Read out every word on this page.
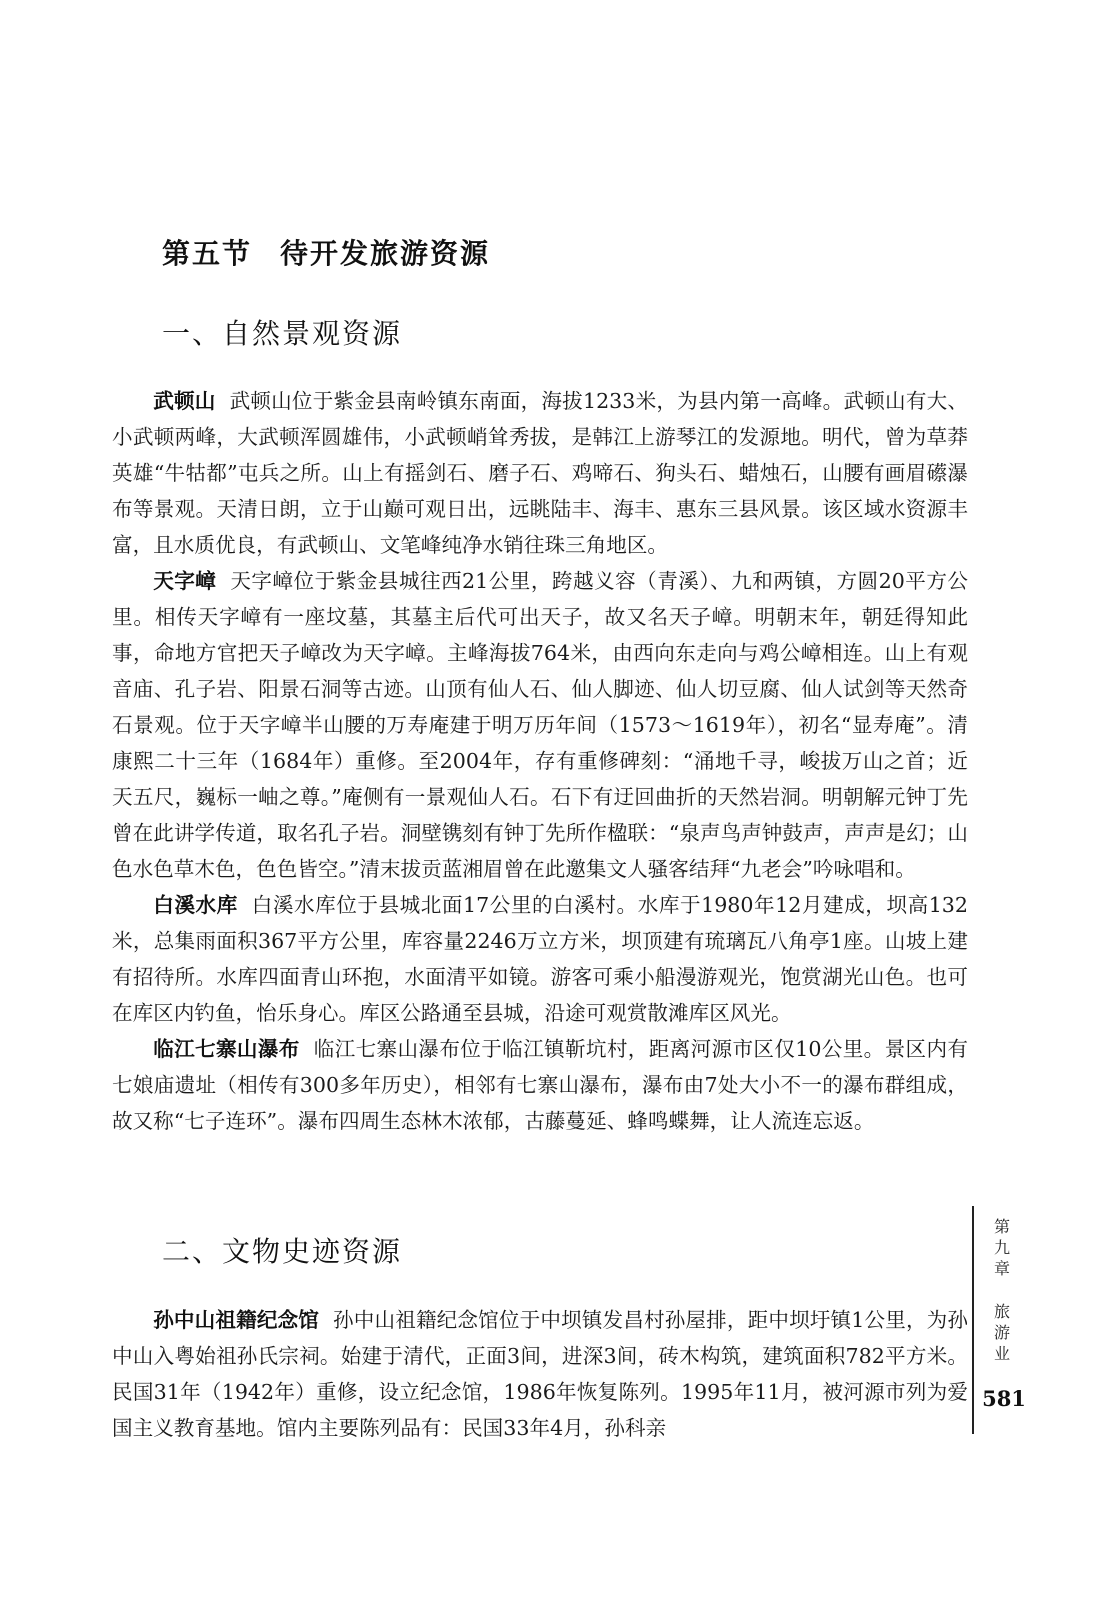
第五节 待开发旅游资源
一、自然景观资源

武顿山 武顿山位于紫金县南岭镇东南面，海拔1233米，为县内第一高峰。武顿山有大、小武顿两峰，大武顿浑圆雄伟，小武顿峭耸秀拔，是韩江上游琴江的发源地。明代，曾为草莽英雄“牛牯都”屯兵之所。山上有摇剑石、磨子石、鸡啼石、狗头石、蜡烛石，山腰有画眉礤瀑布等景观。天清日朗，立于山巅可观日出，远眺陆丰、海丰、惠东三县风景。该区域水资源丰富，且水质优良，有武顿山、文笔峰纯净水销往珠三角地区。

天字嶂 天字嶂位于紫金县城往西21公里，跨越义容（青溪）、九和两镇，方圆20平方公里。相传天字嶂有一座坟墓，其墓主后代可出天子，故又名天子嶂。明朝末年，朝廷得知此事，命地方官把天子嶂改为天字嶂。主峰海拔764米，由西向东走向与鸡公嶂相连。山上有观音庙、孔子岩、阳景石洞等古迹。山顶有仙人石、仙人脚迹、仙人切豆腐、仙人试剑等天然奇石景观。位于天字嶂半山腰的万寿庵建于明万历年间（1573～1619年），初名“显寿庵”。清康熙二十三年（1684年）重修。至2004年，存有重修碑刻：“涌地千寻，峻拔万山之首；近天五尺，巍标一岫之尊。”庵侧有一景观仙人石。石下有迂回曲折的天然岩洞。明朝解元钟丁先曾在此讲学传道，取名孔子岩。洞壁镌刻有钟丁先所作楹联：“泉声鸟声钟鼓声，声声是幻；山色水色草木色，色色皆空。”清末拔贡蓝湘眉曾在此邀集文人骚客结拜“九老会”吟咏唱和。

白溪水库 白溪水库位于县城北面17公里的白溪村。水库于1980年12月建成，坝高132米，总集雨面积367平方公里，库容量2246万立方米，坝顶建有琉璃瓦八角亭1座。山坡上建有招待所。水库四面青山环抱，水面清平如镜。游客可乘小船漫游观光，饱赏湖光山色。也可在库区内钓鱼，怡乐身心。库区公路通至县城，沿途可观赏散滩库区风光。

临江七寨山瀑布 临江七寨山瀑布位于临江镇靳坑村，距离河源市区仅10公里。景区内有七娘庙遗址（相传有300多年历史），相邻有七寨山瀑布，瀑布由7处大小不一的瀑布群组成，故又称“七子连环”。瀑布四周生态林木浓郁，古藤蔓延、蜂鸣蝶舞，让人流连忘返。

二、文物史迹资源

孙中山祖籍纪念馆 孙中山祖籍纪念馆位于中坝镇发昌村孙屋排，距中坝圩镇1公里，为孙中山入粤始祖孙氏宗祠。始建于清代，正面3间，进深3间，砖木构筑，建筑面积782平方米。民国31年（1942年）重修，设立纪念馆，1986年恢复陈列。1995年11月，被河源市列为爱国主义教育基地。馆内主要陈列品有：民国33年4月，孙科亲

第九章
旅游业
581
